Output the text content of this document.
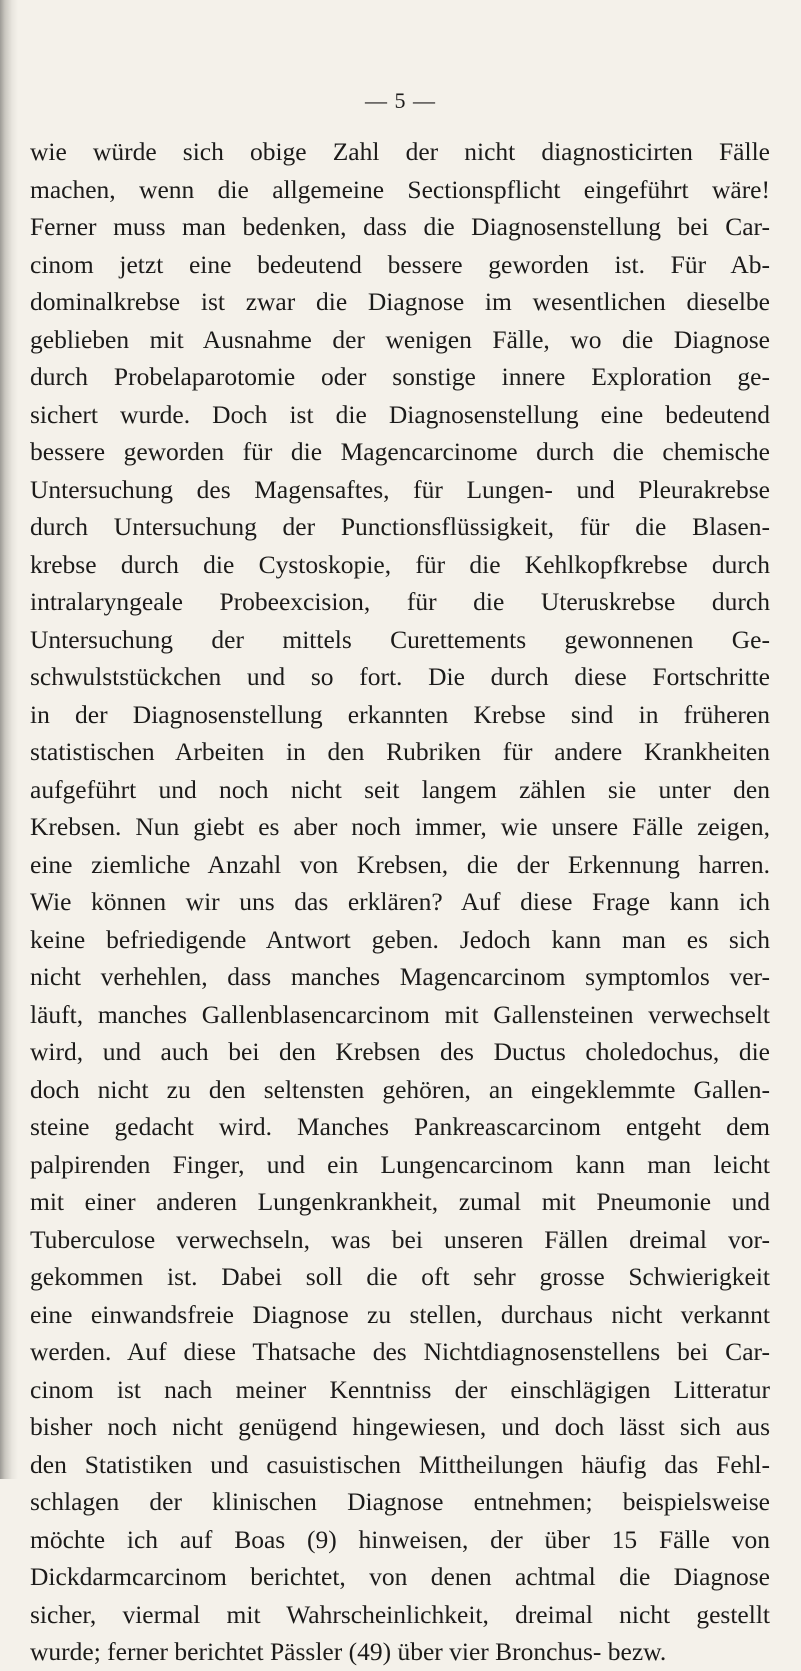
— 5 —
wie würde sich obige Zahl der nicht diagnosticirten Fälle
machen, wenn die allgemeine Sectionspflicht eingeführt wäre!
Ferner muss man bedenken, dass die Diagnosenstellung bei Car-
cinom jetzt eine bedeutend bessere geworden ist. Für Ab-
dominalkrebse ist zwar die Diagnose im wesentlichen dieselbe
geblieben mit Ausnahme der wenigen Fälle, wo die Diagnose
durch Probelaparotomie oder sonstige innere Exploration ge-
sichert wurde. Doch ist die Diagnosenstellung eine bedeutend
bessere geworden für die Magencarcinome durch die chemische
Untersuchung des Magensaftes, für Lungen- und Pleurakrebse
durch Untersuchung der Punctionsflüssigkeit, für die Blasen-
krebse durch die Cystoskopie, für die Kehlkopfkrebse durch
intralaryngeale Probeexcision, für die Uteruskrebse durch
Untersuchung der mittels Curettements gewonnenen Ge-
schwulststückchen und so fort. Die durch diese Fortschritte
in der Diagnosenstellung erkannten Krebse sind in früheren
statistischen Arbeiten in den Rubriken für andere Krankheiten
aufgeführt und noch nicht seit langem zählen sie unter den
Krebsen. Nun giebt es aber noch immer, wie unsere Fälle zeigen,
eine ziemliche Anzahl von Krebsen, die der Erkennung harren.
Wie können wir uns das erklären? Auf diese Frage kann ich
keine befriedigende Antwort geben. Jedoch kann man es sich
nicht verhehlen, dass manches Magencarcinom symptomlos ver-
läuft, manches Gallenblasencarcinom mit Gallensteinen verwechselt
wird, und auch bei den Krebsen des Ductus choledochus, die
doch nicht zu den seltensten gehören, an eingeklemmte Gallen-
steine gedacht wird. Manches Pankreascarcinom entgeht dem
palpirenden Finger, und ein Lungencarcinom kann man leicht
mit einer anderen Lungenkrankheit, zumal mit Pneumonie und
Tuberculose verwechseln, was bei unseren Fällen dreimal vor-
gekommen ist. Dabei soll die oft sehr grosse Schwierigkeit
eine einwandsfreie Diagnose zu stellen, durchaus nicht verkannt
werden. Auf diese Thatsache des Nichtdiagnosenstellens bei Car-
cinom ist nach meiner Kenntniss der einschlägigen Litteratur
bisher noch nicht genügend hingewiesen, und doch lässt sich aus
den Statistiken und casuistischen Mittheilungen häufig das Fehl-
schlagen der klinischen Diagnose entnehmen; beispielsweise
möchte ich auf Boas (9) hinweisen, der über 15 Fälle von
Dickdarmcarcinom berichtet, von denen achtmal die Diagnose
sicher, viermal mit Wahrscheinlichkeit, dreimal nicht gestellt
wurde; ferner berichtet Pässler (49) über vier Bronchus- bezw.
